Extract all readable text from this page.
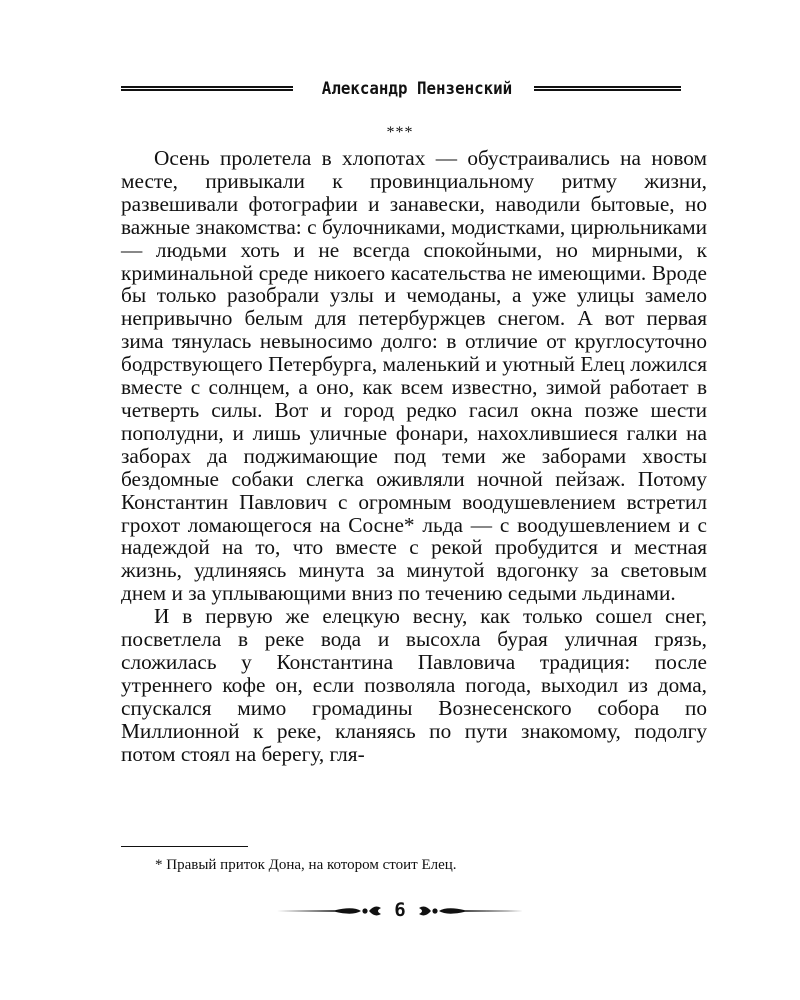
Александр Пензенский
***

Осень пролетела в хлопотах — обустраивались на новом месте, привыкали к провинциальному ритму жизни, развешивали фотографии и занавески, наводили бытовые, но важные знакомства: с булочниками, модистками, цирюльниками — людьми хоть и не всегда спокойными, но мирными, к криминальной среде никоего касательства не имеющими. Вроде бы только разобрали узлы и чемоданы, а уже улицы замело непривычно белым для петербуржцев снегом. А вот первая зима тянулась невыносимо долго: в отличие от круглосуточно бодрствующего Петербурга, маленький и уютный Елец ложился вместе с солнцем, а оно, как всем известно, зимой работает в четверть силы. Вот и город редко гасил окна позже шести пополудни, и лишь уличные фонари, нахохлившиеся галки на заборах да поджимающие под теми же заборами хвосты бездомные собаки слегка оживляли ночной пейзаж. Потому Константин Павлович с огромным воодушевлением встретил грохот ломающегося на Сосне* льда — с воодушевлением и с надеждой на то, что вместе с рекой пробудится и местная жизнь, удлиняясь минута за минутой вдогонку за световым днем и за уплывающими вниз по течению седыми льдинами.

И в первую же елецкую весну, как только сошел снег, посветлела в реке вода и высохла бурая уличная грязь, сложилась у Константина Павловича традиция: после утреннего кофе он, если позволяла погода, выходил из дома, спускался мимо громадины Вознесенского собора по Миллионной к реке, кланяясь по пути знакомому, подолгу потом стоял на берегу, гля-

* Правый приток Дона, на котором стоит Елец.
6
